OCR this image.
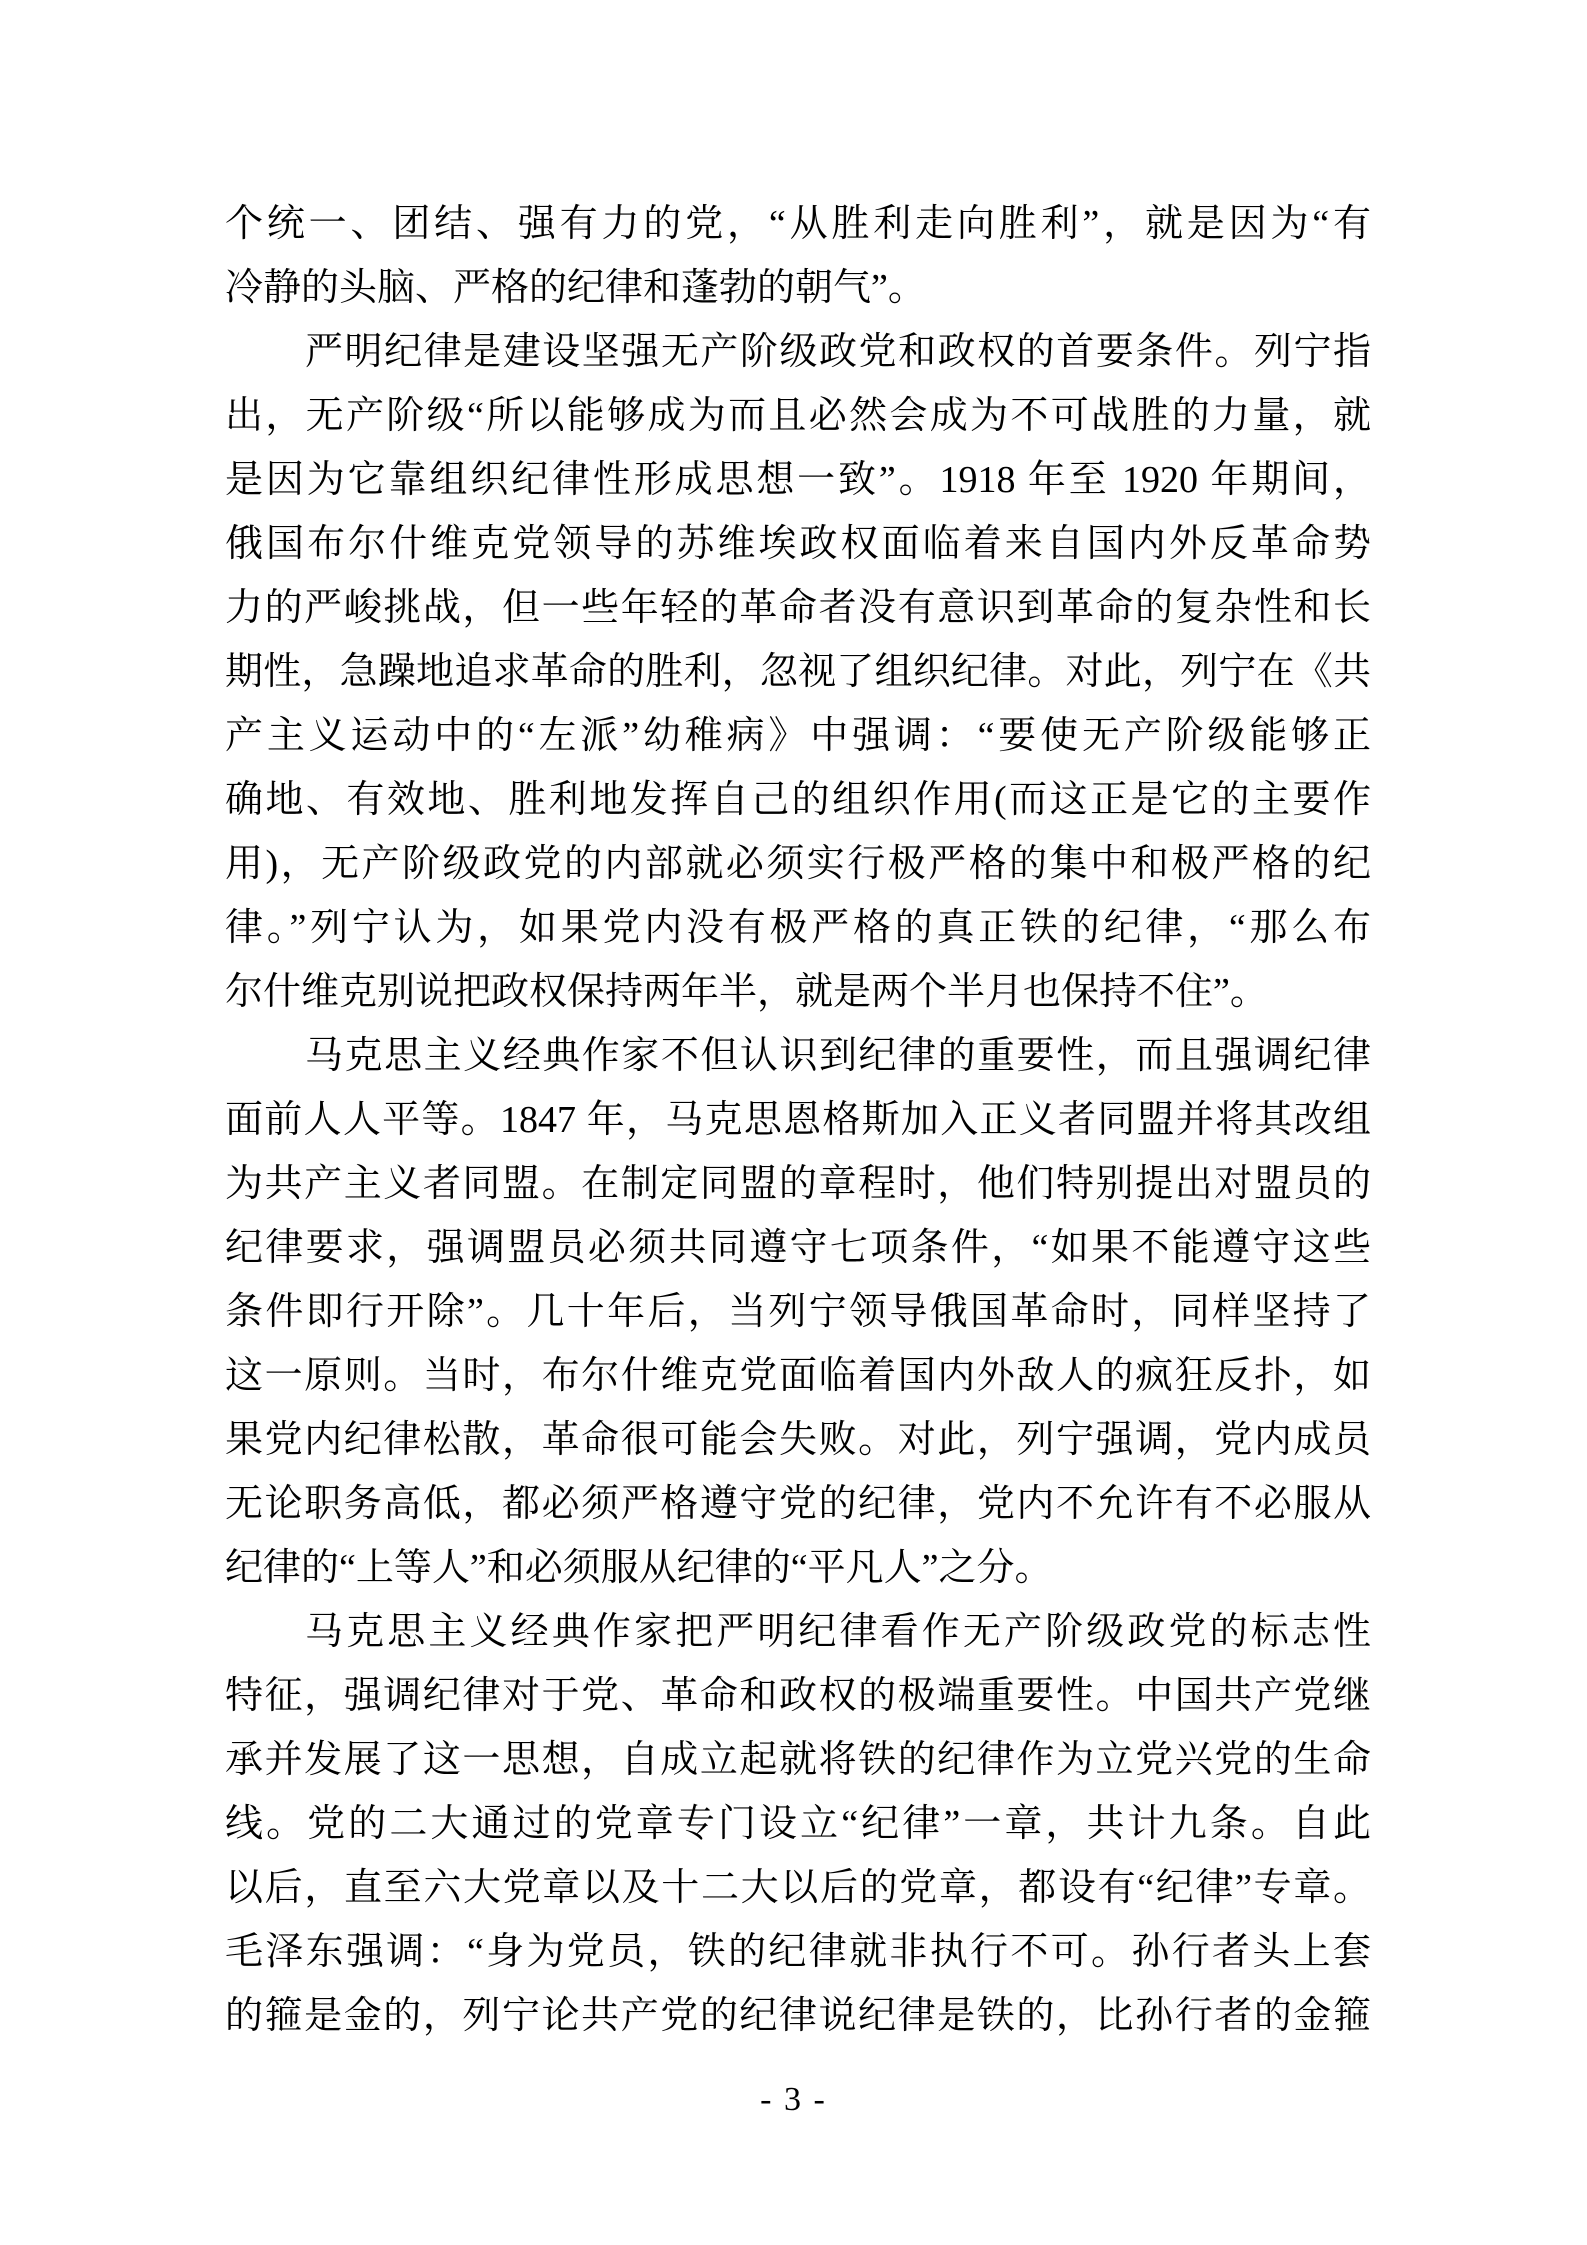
个统一、团结、强有力的党，“从胜利走向胜利”，就是因为“有
冷静的头脑、严格的纪律和蓬勃的朝气”。
严明纪律是建设坚强无产阶级政党和政权的首要条件。列宁指
出，无产阶级“所以能够成为而且必然会成为不可战胜的力量，就
是因为它靠组织纪律性形成思想一致”。1918 年至 1920 年期间，
俄国布尔什维克党领导的苏维埃政权面临着来自国内外反革命势
力的严峻挑战，但一些年轻的革命者没有意识到革命的复杂性和长
期性，急躁地追求革命的胜利，忽视了组织纪律。对此，列宁在《共
产主义运动中的“左派”幼稚病》中强调：“要使无产阶级能够正
确地、有效地、胜利地发挥自己的组织作用(而这正是它的主要作
用)，无产阶级政党的内部就必须实行极严格的集中和极严格的纪
律。”列宁认为，如果党内没有极严格的真正铁的纪律，“那么布
尔什维克别说把政权保持两年半，就是两个半月也保持不住”。
马克思主义经典作家不但认识到纪律的重要性，而且强调纪律
面前人人平等。1847 年，马克思恩格斯加入正义者同盟并将其改组
为共产主义者同盟。在制定同盟的章程时，他们特别提出对盟员的
纪律要求，强调盟员必须共同遵守七项条件，“如果不能遵守这些
条件即行开除”。几十年后，当列宁领导俄国革命时，同样坚持了
这一原则。当时，布尔什维克党面临着国内外敌人的疯狂反扑，如
果党内纪律松散，革命很可能会失败。对此，列宁强调，党内成员
无论职务高低，都必须严格遵守党的纪律，党内不允许有不必服从
纪律的“上等人”和必须服从纪律的“平凡人”之分。
马克思主义经典作家把严明纪律看作无产阶级政党的标志性
特征，强调纪律对于党、革命和政权的极端重要性。中国共产党继
承并发展了这一思想，自成立起就将铁的纪律作为立党兴党的生命
线。党的二大通过的党章专门设立“纪律”一章，共计九条。自此
以后，直至六大党章以及十二大以后的党章，都设有“纪律”专章。
毛泽东强调：“身为党员，铁的纪律就非执行不可。孙行者头上套
的箍是金的，列宁论共产党的纪律说纪律是铁的，比孙行者的金箍
- 3 -
